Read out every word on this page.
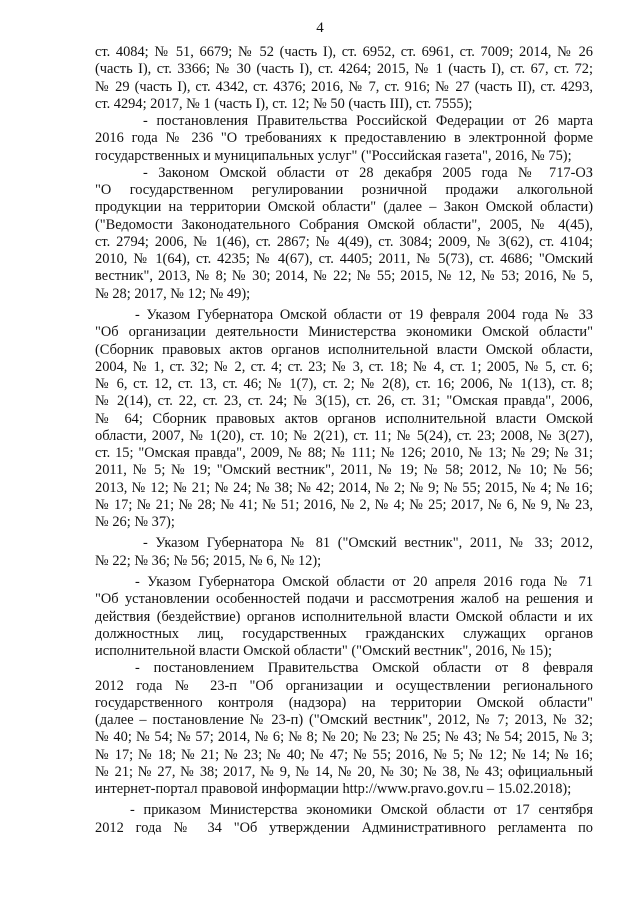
4
ст. 4084; № 51, 6679; № 52 (часть I), ст. 6952, ст. 6961, ст. 7009; 2014, № 26
(часть I), ст. 3366; № 30 (часть I), ст. 4264; 2015, № 1 (часть I), ст. 67, ст. 72;
№ 29 (часть I), ст. 4342, ст. 4376; 2016, № 7, ст. 916; № 27 (часть II), ст. 4293,
ст. 4294; 2017, № 1 (часть I), ст. 12; № 50 (часть III), ст. 7555);
- постановления Правительства Российской Федерации от 26 марта
2016 года № 236 "О требованиях к предоставлению в электронной форме
государственных и муниципальных услуг" ("Российская газета", 2016, № 75);
- Законом Омской области от 28 декабря 2005 года № 717-ОЗ
"О государственном регулировании розничной продажи алкогольной
продукции на территории Омской области" (далее – Закон Омской области)
("Ведомости Законодательного Собрания Омской области", 2005, № 4(45),
ст. 2794; 2006, № 1(46), ст. 2867; № 4(49), ст. 3084; 2009, № 3(62), ст. 4104;
2010, № 1(64), ст. 4235; № 4(67), ст. 4405; 2011, № 5(73), ст. 4686; "Омский
вестник", 2013, № 8; № 30; 2014, № 22; № 55; 2015, № 12, № 53; 2016, № 5,
№ 28; 2017, № 12; № 49);
- Указом Губернатора Омской области от 19 февраля 2004 года № 33
"Об организации деятельности Министерства экономики Омской области"
(Сборник правовых актов органов исполнительной власти Омской области,
2004, № 1, ст. 32; № 2, ст. 4; ст. 23; № 3, ст. 18; № 4, ст. 1; 2005, № 5, ст. 6;
№ 6, ст. 12, ст. 13, ст. 46; № 1(7), ст. 2; № 2(8), ст. 16; 2006, № 1(13), ст. 8;
№ 2(14), ст. 22, ст. 23, ст. 24; № 3(15), ст. 26, ст. 31; "Омская правда", 2006,
№ 64; Сборник правовых актов органов исполнительной власти Омской
области, 2007, № 1(20), ст. 10; № 2(21), ст. 11; № 5(24), ст. 23; 2008, № 3(27),
ст. 15; "Омская правда", 2009, № 88; № 111; № 126; 2010, № 13; № 29; № 31;
2011, № 5; № 19; "Омский вестник", 2011, № 19; № 58; 2012, № 10; № 56;
2013, № 12; № 21; № 24; № 38; № 42; 2014, № 2; № 9; № 55; 2015, № 4; № 16;
№ 17; № 21; № 28; № 41; № 51; 2016, № 2, № 4; № 25; 2017, № 6, № 9, № 23,
№ 26; № 37);
- Указом Губернатора № 81 ("Омский вестник", 2011, № 33; 2012,
№ 22; № 36; № 56; 2015, № 6, № 12);
- Указом Губернатора Омской области от 20 апреля 2016 года № 71
"Об установлении особенностей подачи и рассмотрения жалоб на решения и
действия (бездействие) органов исполнительной власти Омской области и их
должностных лиц, государственных гражданских служащих органов
исполнительной власти Омской области" ("Омский вестник", 2016, № 15);
- постановлением Правительства Омской области от 8 февраля
2012 года № 23-п "Об организации и осуществлении регионального
государственного контроля (надзора) на территории Омской области"
(далее – постановление № 23-п) ("Омский вестник", 2012, № 7; 2013, № 32;
№ 40; № 54; № 57; 2014, № 6; № 8; № 20; № 23; № 25; № 43; № 54; 2015, № 3;
№ 17; № 18; № 21; № 23; № 40; № 47; № 55; 2016, № 5; № 12; № 14; № 16;
№ 21; № 27, № 38; 2017, № 9, № 14, № 20, № 30; № 38, № 43; официальный
интернет-портал правовой информации http://www.pravo.gov.ru – 15.02.2018);
- приказом Министерства экономики Омской области от 17 сентября
2012 года № 34 "Об утверждении Административного регламента по
